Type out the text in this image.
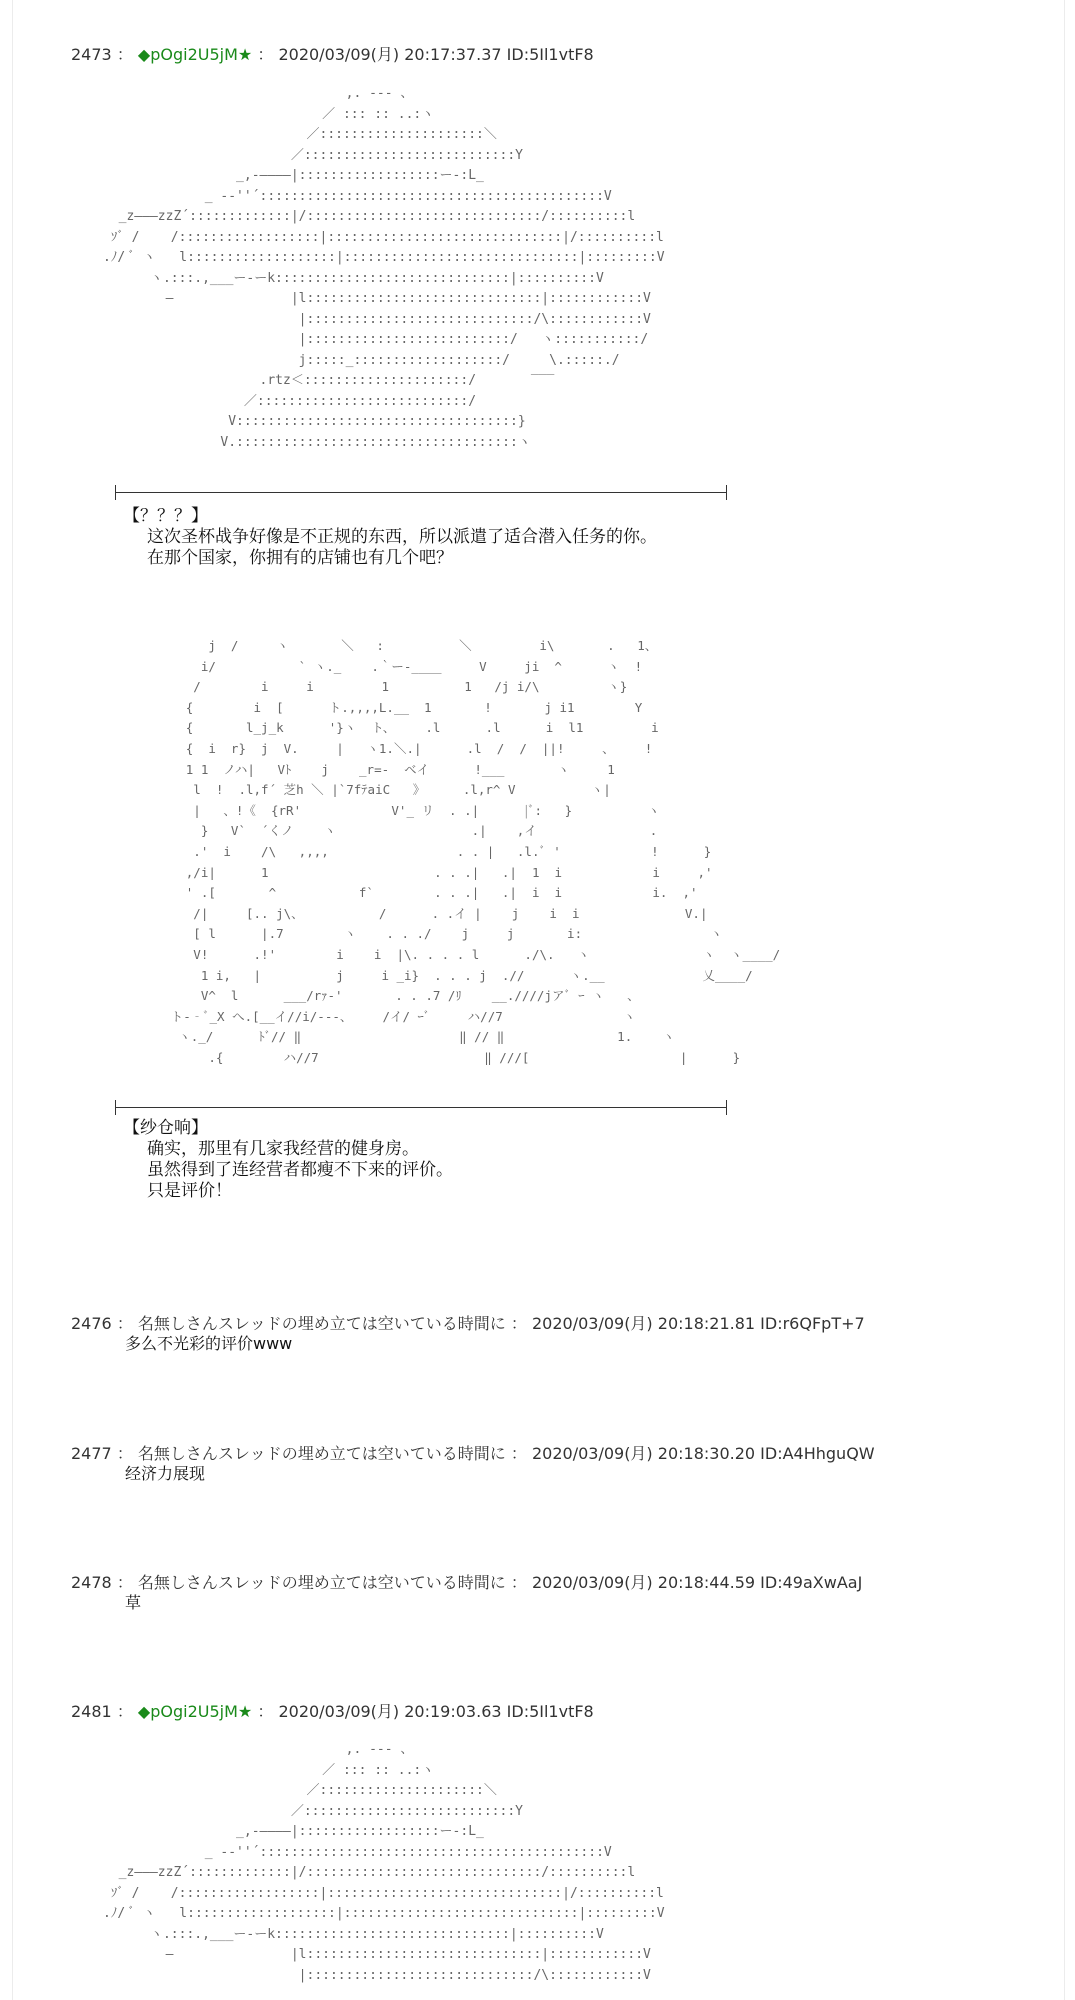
2473 ： ◆pOgi2U5jM★ ： 2020/03/09(月) 20:17:37.37 ID:5Il1vtF8
,. --- 、
／ ::: :: ..:ヽ
／:::::::::::::::::::::＼
／:::::::::::::::::::::::::::Y
_,-――――|::::::::::::::::::ー‐:L_
_ --''´::::::::::::::::::::::::::::::::::::::::::::V
_z―――zzZ´:::::::::::::|/::::::::::::::::::::::::::::::/::::::::::l
ｿﾞ /    /::::::::::::::::::|::::::::::::::::::::::::::::::|/::::::::::l
.ﾉ/ ﾞ ヽ   l:::::::::::::::::::|::::::::::::::::::::::::::::::|:::::::::V
ヽ.:::.,___ー‐ーk::::::::::::::::::::::::::::::|::::::::::V
―               |l::::::::::::::::::::::::::::::|::::::::::::V
|:::::::::::::::::::::::::::::/\::::::::::::V
|::::::::::::::::::::::::::/   ヽ:::::::::::/
j:::::_:::::::::::::::::::/     \.:::::./
.rtz＜:::::::::::::::::::::/       ‾‾‾
／:::::::::::::::::::::::::::/
V::::::::::::::::::::::::::::::::::::}
V.::::::::::::::::::::::::::::::::::::ヽ
【？？？】
这次圣杯战争好像是不正规的东西，所以派遣了适合潜入任务的你。
在那个国家，你拥有的店铺也有几个吧？
j  /     ヽ       ＼   :          ＼         i\       .   1、
i/           ` ヽ._    .｀ー‐____     V     ji  ^      ヽ  !
/        i     i         1          1   /j i/\         ヽ}
{        i  [      ト.,,,,L.__  1       !       j i1        Y
{       l_j_k      '}ヽ  ト、    .l      .l      i  l1         i
{  i  r}  j  V.     |   ヽ1.＼.|      .l  /  /  ||!     、    !
1 1  ノハ|   Vﾄ    j    _r=‐  ベイ      !___       ヽ     1
l  !  .l,f´ 芝h ＼ |`7fﾃaiC   》     .l,r^ V          ヽ|
|   、!《  {rR'            V'_ リ  . .|      |ﾞ:   }          ヽ
}   V`  ´くノ    ヽ                  .|    ,イ               .
.'  i    /\   ,,,,                 . . |   .l.ﾞ '            !      }
,/i|      1                      . . .|   .|  1  i            i     ,'
' .[       ^           f`        . . .|   .|  i  i            i.  ,'
/|     [.. j\、          /      . .イ |    j    i  i              V.|
[ l      |.7        ヽ    . . ./    j     j       i:                 ヽ
V!      .!'        i    i  |\. . . . l      ./\.   ヽ               ヽ  ヽ____/
1 i,   |          j     i _i}  . . . j  .//      ヽ.__             乂____/
V^  l      ___/rｧ‐'       . . .7 /ﾘ    __.////jアﾞ ｰ ヽ   、
ト‐‐ﾞ_X へ.[__イ//i/‐‐‐、    /イ/ ｰﾞ     ハ//7                ヽ
ヽ._/      ﾄﾞ// ‖                     ‖ // ‖               1.    ヽ
.{        ハ//7                      ‖ ///[                    |      }
【纱仓响】
确实，那里有几家我经营的健身房。
虽然得到了连经营者都瘦不下来的评价。
只是评价！
2476 ： 名無しさんスレッドの埋め立ては空いている時間に ： 2020/03/09(月) 20:18:21.81 ID:r6QFpT+7
多么不光彩的评价www
2477 ： 名無しさんスレッドの埋め立ては空いている時間に ： 2020/03/09(月) 20:18:30.20 ID:A4HhguQW
经济力展现
2478 ： 名無しさんスレッドの埋め立ては空いている時間に ： 2020/03/09(月) 20:18:44.59 ID:49aXwAaJ
草
2481 ： ◆pOgi2U5jM★ ： 2020/03/09(月) 20:19:03.63 ID:5Il1vtF8
,. --- 、
／ ::: :: ..:ヽ
／:::::::::::::::::::::＼
／:::::::::::::::::::::::::::Y
_,-――――|::::::::::::::::::ー‐:L_
_ --''´::::::::::::::::::::::::::::::::::::::::::::V
_z―――zzZ´:::::::::::::|/::::::::::::::::::::::::::::::/::::::::::l
ｿﾞ /    /::::::::::::::::::|::::::::::::::::::::::::::::::|/::::::::::l
.ﾉ/ ﾞ ヽ   l:::::::::::::::::::|::::::::::::::::::::::::::::::|:::::::::V
ヽ.:::.,___ー‐ーk::::::::::::::::::::::::::::::|::::::::::V
―               |l::::::::::::::::::::::::::::::|::::::::::::V
|:::::::::::::::::::::::::::::/\::::::::::::V
